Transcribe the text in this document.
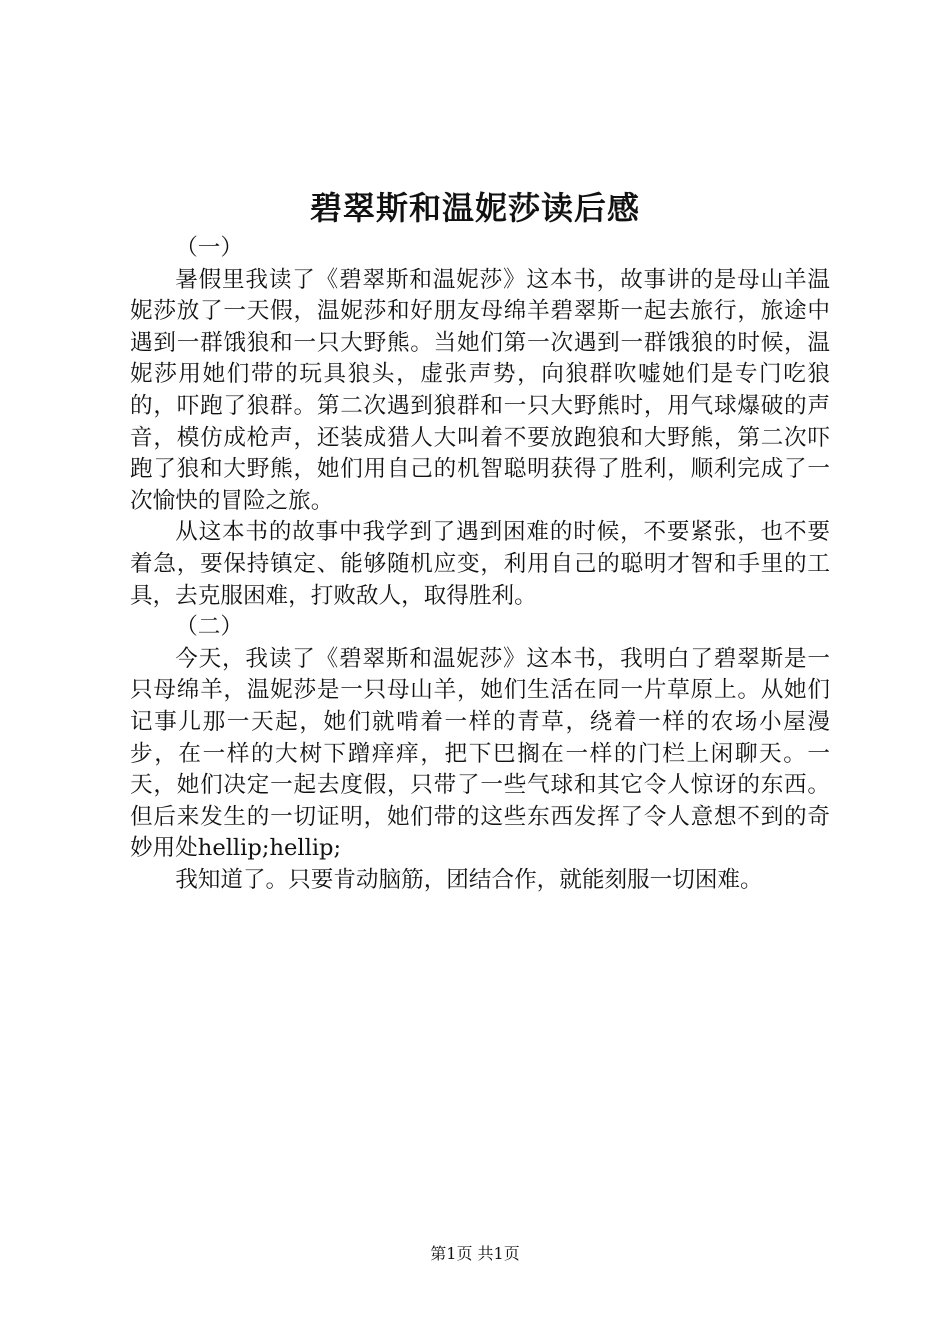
碧翠斯和温妮莎读后感

（一）

暑假里我读了《碧翠斯和温妮莎》这本书，故事讲的是母山羊温妮莎放了一天假，温妮莎和好朋友母绵羊碧翠斯一起去旅行，旅途中遇到一群饿狼和一只大野熊。当她们第一次遇到一群饿狼的时候，温妮莎用她们带的玩具狼头，虚张声势，向狼群吹嘘她们是专门吃狼的，吓跑了狼群。第二次遇到狼群和一只大野熊时，用气球爆破的声音，模仿成枪声，还装成猎人大叫着不要放跑狼和大野熊，第二次吓跑了狼和大野熊，她们用自己的机智聪明获得了胜利，顺利完成了一次愉快的冒险之旅。

从这本书的故事中我学到了遇到困难的时候，不要紧张，也不要着急，要保持镇定、能够随机应变，利用自己的聪明才智和手里的工具，去克服困难，打败敌人，取得胜利。

（二）

今天，我读了《碧翠斯和温妮莎》这本书，我明白了碧翠斯是一只母绵羊，温妮莎是一只母山羊，她们生活在同一片草原上。从她们记事儿那一天起，她们就啃着一样的青草，绕着一样的农场小屋漫步，在一样的大树下蹭痒痒，把下巴搁在一样的门栏上闲聊天。一天，她们决定一起去度假，只带了一些气球和其它令人惊讶的东西。但后来发生的一切证明，她们带的这些东西发挥了令人意想不到的奇妙用处hellip;hellip;

我知道了。只要肯动脑筋，团结合作，就能刻服一切困难。

第1页 共1页
